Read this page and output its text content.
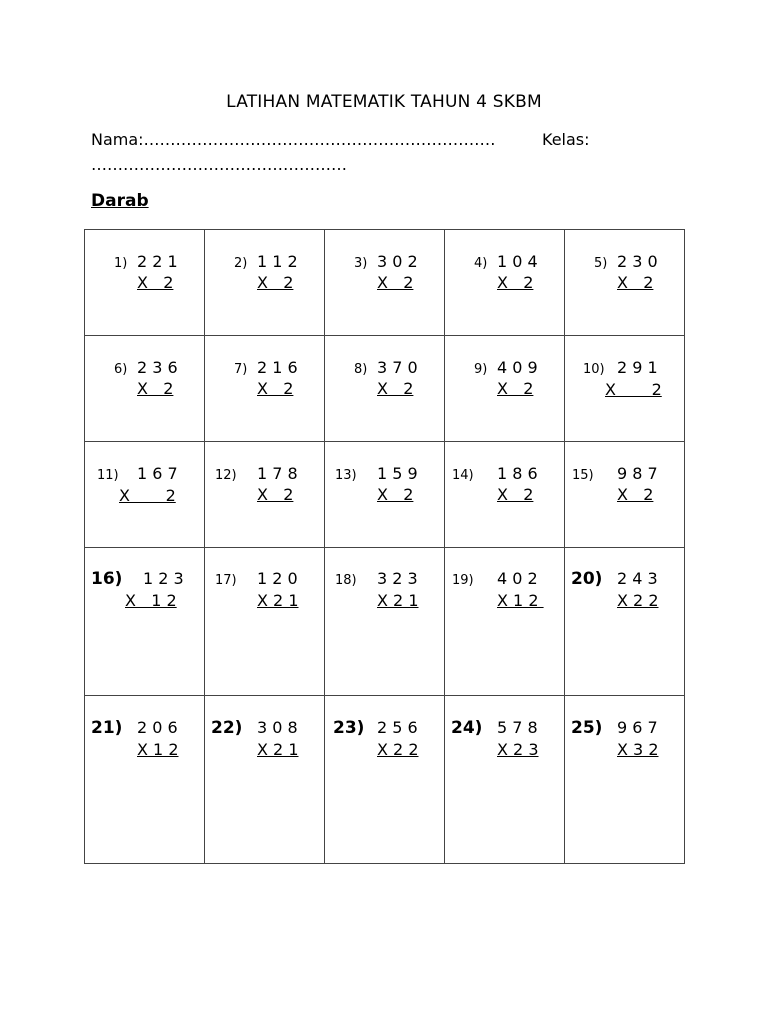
LATIHAN MATEMATIK TAHUN 4 SKBM
Nama:…………………………………………………………	Kelas:
…………………………………………
Darab
1) 2 2 1
X   2	2) 1 1 2
X   2	3) 3 0 2
X   2	4) 1 0 4
X   2	5) 2 3 0
X   2

6) 2 3 6
X   2	7) 2 1 6
X   2	8) 3 7 0
X   2	9) 4 0 9
X   2	10) 2 9 1
X       2

11) 1 6 7
X       2	12) 1 7 8
X   2	13) 1 5 9
X   2	14) 1 8 6
X   2	15) 9 8 7
X   2

16) 1 2 3
X   1 2	17) 1 2 0
X 2 1	18) 3 2 3
X 2 1	19) 4 0 2
X 1 2	20) 2 4 3
X 2 2

21) 2 0 6
X 1 2	22) 3 0 8
X 2 1	23) 2 5 6
X 2 2	24) 5 7 8
X 2 3	25) 9 6 7
X 3 2
